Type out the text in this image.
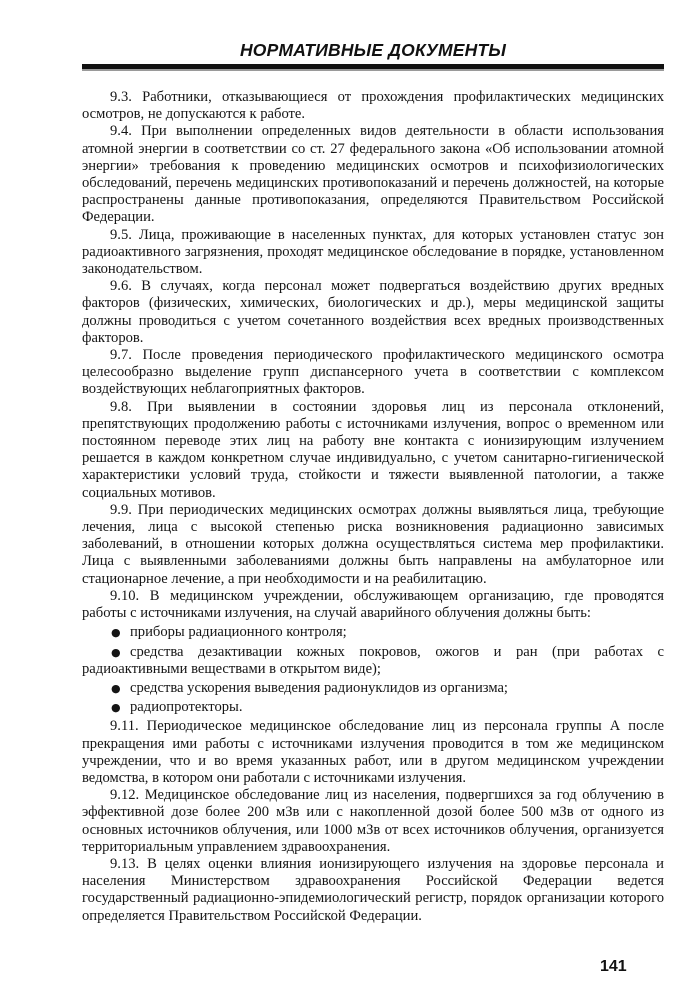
НОРМАТИВНЫЕ ДОКУМЕНТЫ

9.3. Работники, отказывающиеся от прохождения профилактических медицинских осмотров, не допускаются к работе.

9.4. При выполнении определенных видов деятельности в области использования атомной энергии в соответствии со ст. 27 федерального закона «Об использовании атомной энергии» требования к проведению медицинских осмотров и психофизиологических обследований, перечень медицинских противопоказаний и перечень должностей, на которые распространены данные противопоказания, определяются Правительством Российской Федерации.

9.5. Лица, проживающие в населенных пунктах, для которых установлен статус зон радиоактивного загрязнения, проходят медицинское обследование в порядке, установленном законодательством.

9.6. В случаях, когда персонал может подвергаться воздействию других вредных факторов (физических, химических, биологических и др.), меры медицинской защиты должны проводиться с учетом сочетанного воздействия всех вредных производственных факторов.

9.7. После проведения периодического профилактического медицинского осмотра целесообразно выделение групп диспансерного учета в соответствии с комплексом воздействующих неблагоприятных факторов.

9.8. При выявлении в состоянии здоровья лиц из персонала отклонений, препятствующих продолжению работы с источниками излучения, вопрос о временном или постоянном переводе этих лиц на работу вне контакта с ионизирующим излучением решается в каждом конкретном случае индивидуально, с учетом санитарно-гигиенической характеристики условий труда, стойкости и тяжести выявленной патологии, а также социальных мотивов.

9.9. При периодических медицинских осмотрах должны выявляться лица, требующие лечения, лица с высокой степенью риска возникновения радиационно зависимых заболеваний, в отношении которых должна осуществляться система мер профилактики. Лица с выявленными заболеваниями должны быть направлены на амбулаторное или стационарное лечение, а при необходимости и на реабилитацию.

9.10. В медицинском учреждении, обслуживающем организацию, где проводятся работы с источниками излучения, на случай аварийного облучения должны быть:

● приборы радиационного контроля;
● средства дезактивации кожных покровов, ожогов и ран (при работах с радиоактивными веществами в открытом виде);
● средства ускорения выведения радионуклидов из организма;
● радиопротекторы.

9.11. Периодическое медицинское обследование лиц из персонала группы А после прекращения ими работы с источниками излучения проводится в том же медицинском учреждении, что и во время указанных работ, или в другом медицинском учреждении ведомства, в котором они работали с источниками излучения.

9.12. Медицинское обследование лиц из населения, подвергшихся за год облучению в эффективной дозе более 200 мЗв или с накопленной дозой более 500 мЗв от одного из основных источников облучения, или 1000 мЗв от всех источников облучения, организуется территориальным управлением здравоохранения.

9.13. В целях оценки влияния ионизирующего излучения на здоровье персонала и населения Министерством здравоохранения Российской Федерации ведется государственный радиационно-эпидемиологический регистр, порядок организации которого определяется Правительством Российской Федерации.

141
